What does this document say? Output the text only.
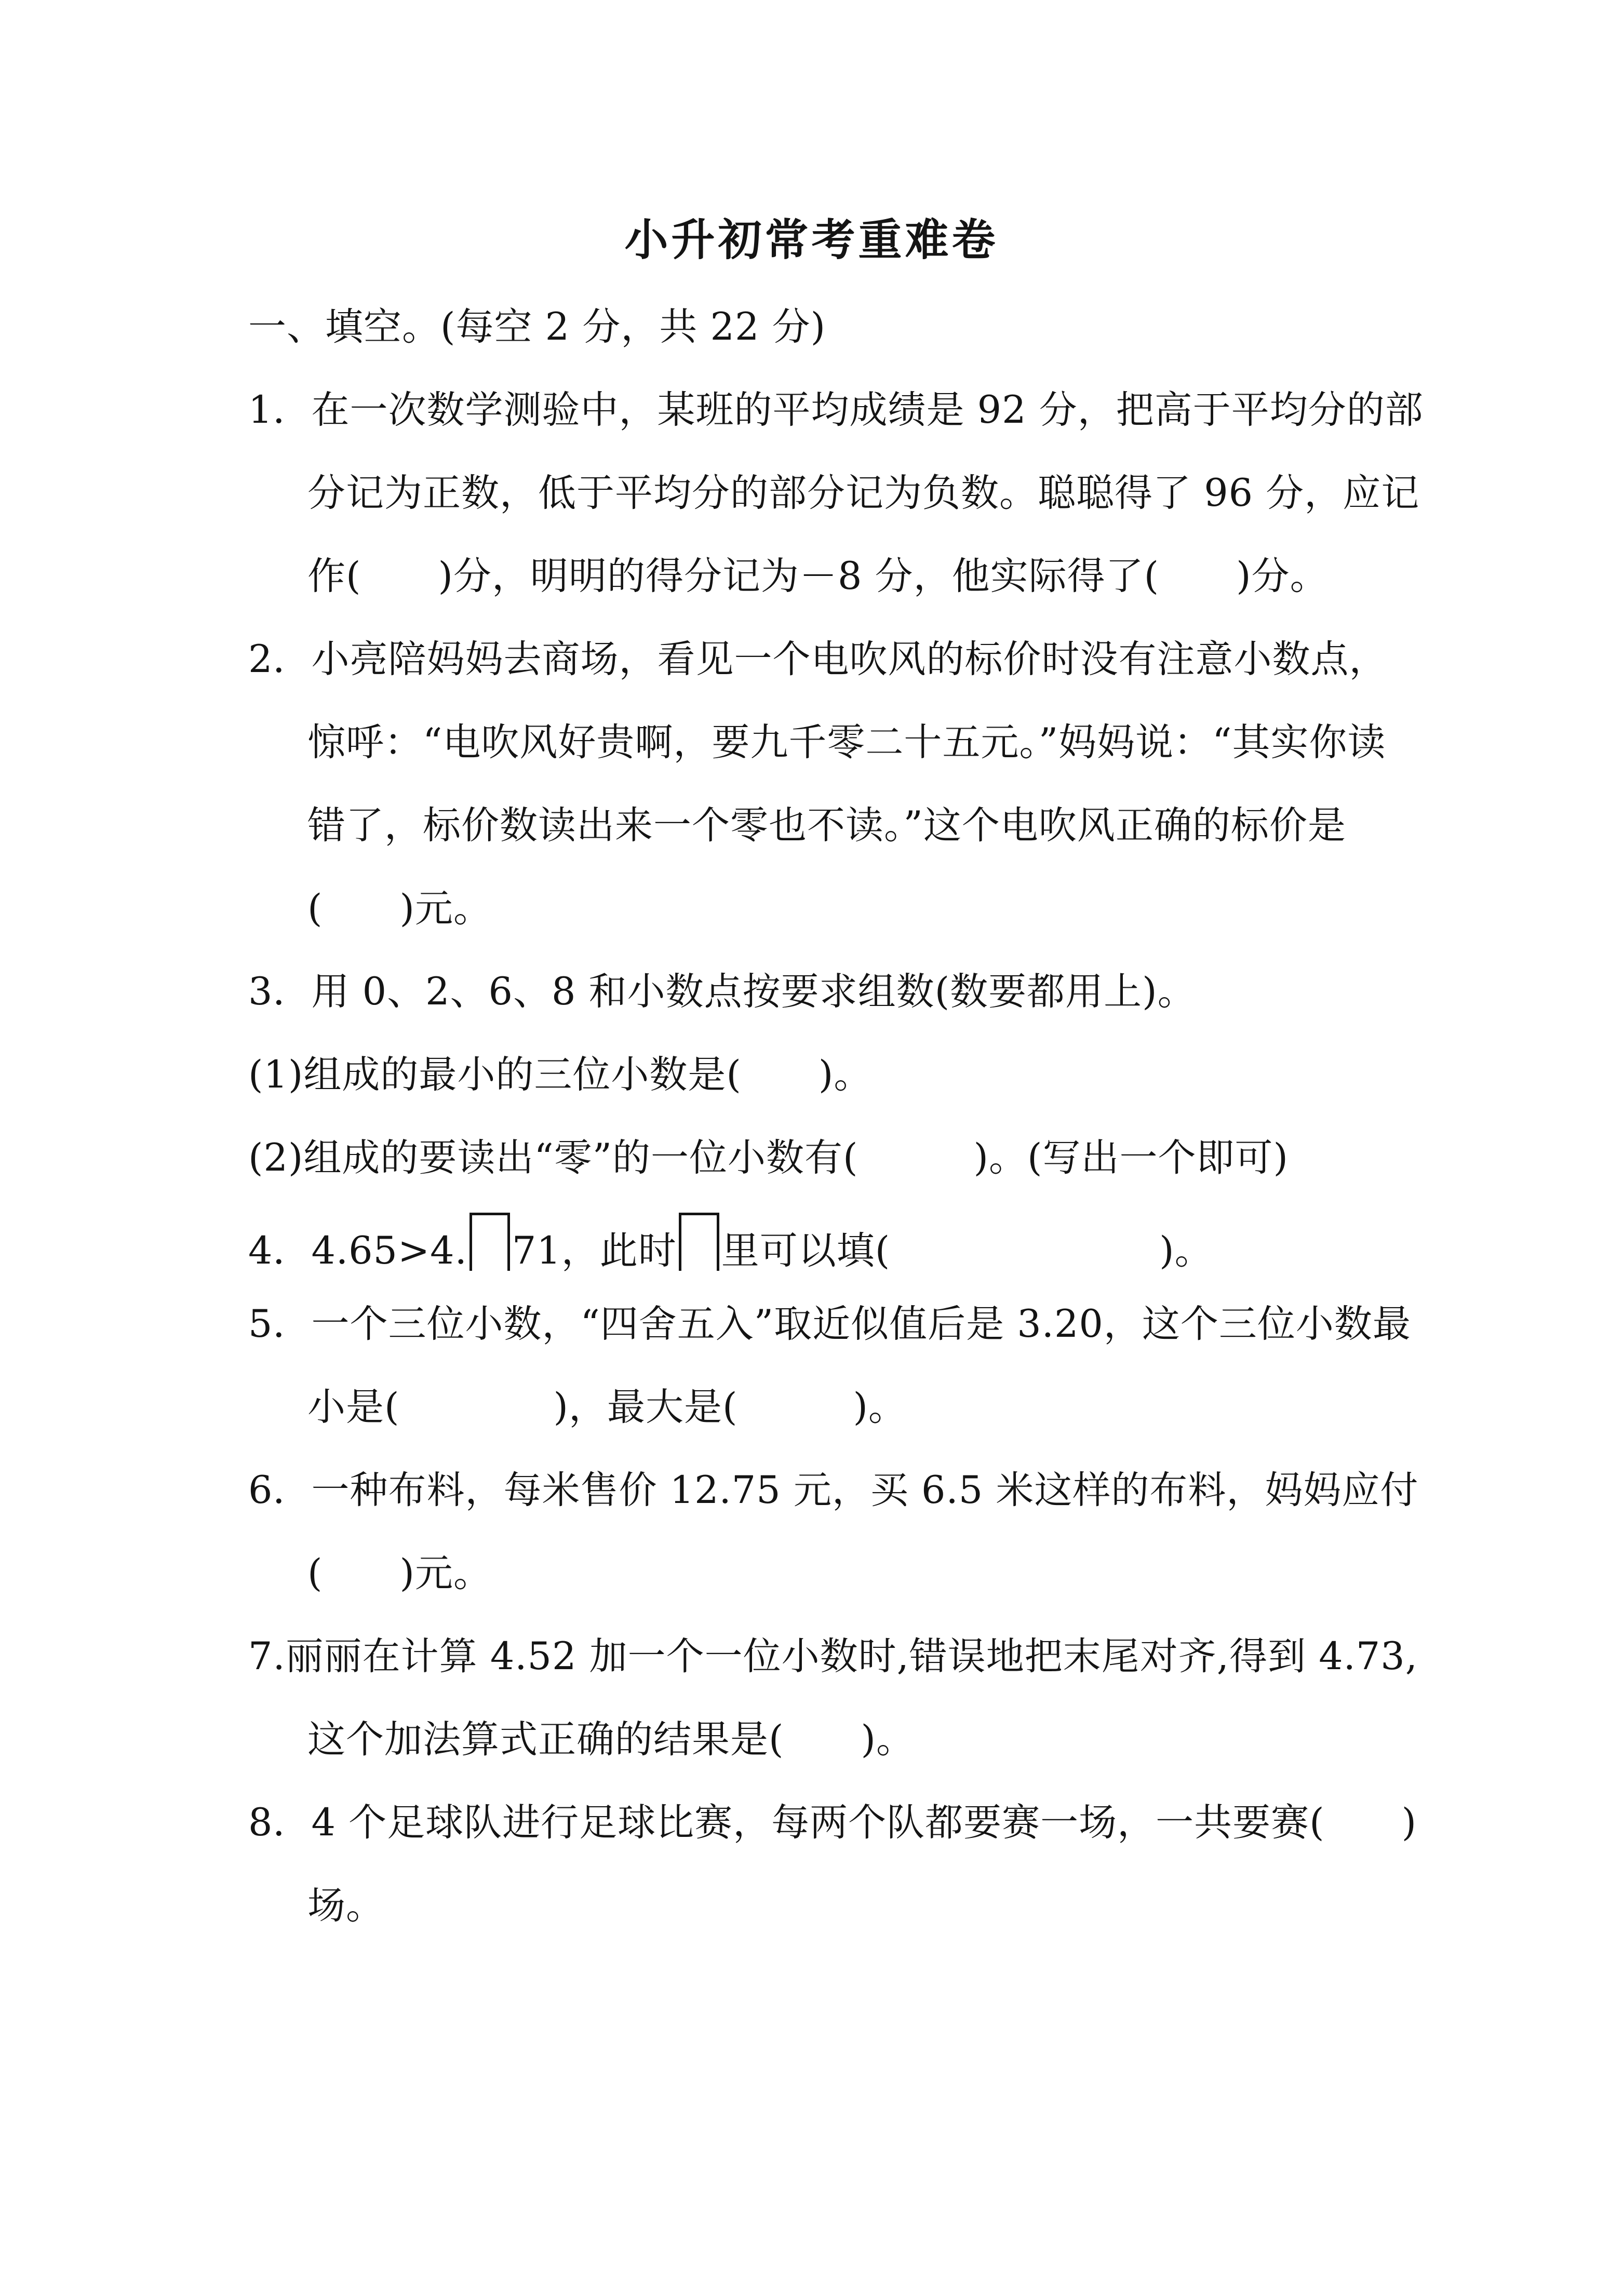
小升初常考重难卷
一、填空。(每空 2 分，共 22 分)
1．在一次数学测验中，某班的平均成绩是 92 分，把高于平均分的部
分记为正数，低于平均分的部分记为负数。聪聪得了 96 分，应记
作(　　)分，明明的得分记为－8 分，他实际得了(　　)分。
2．小亮陪妈妈去商场，看见一个电吹风的标价时没有注意小数点，
惊呼：“电吹风好贵啊，要九千零二十五元。”妈妈说：“其实你读
错了，标价数读出来一个零也不读。”这个电吹风正确的标价是
(　　)元。
3．用 0、2、6、8 和小数点按要求组数(数要都用上)。
(1)组成的最小的三位小数是(　　)。
(2)组成的要读出“零”的一位小数有(　　　)。(写出一个即可)
4．4.65>4. 71，此时 里可以填(　　　　　　　)。
5．一个三位小数，“四舍五入”取近似值后是 3.20，这个三位小数最
小是(　　　　)，最大是(　　　)。
6．一种布料，每米售价 12.75 元，买 6.5 米这样的布料，妈妈应付
(　　)元。
7.丽丽在计算 4.52 加一个一位小数时,错误地把末尾对齐,得到 4.73,
这个加法算式正确的结果是(　　)。
8．4 个足球队进行足球比赛，每两个队都要赛一场，一共要赛(　　)
场。
